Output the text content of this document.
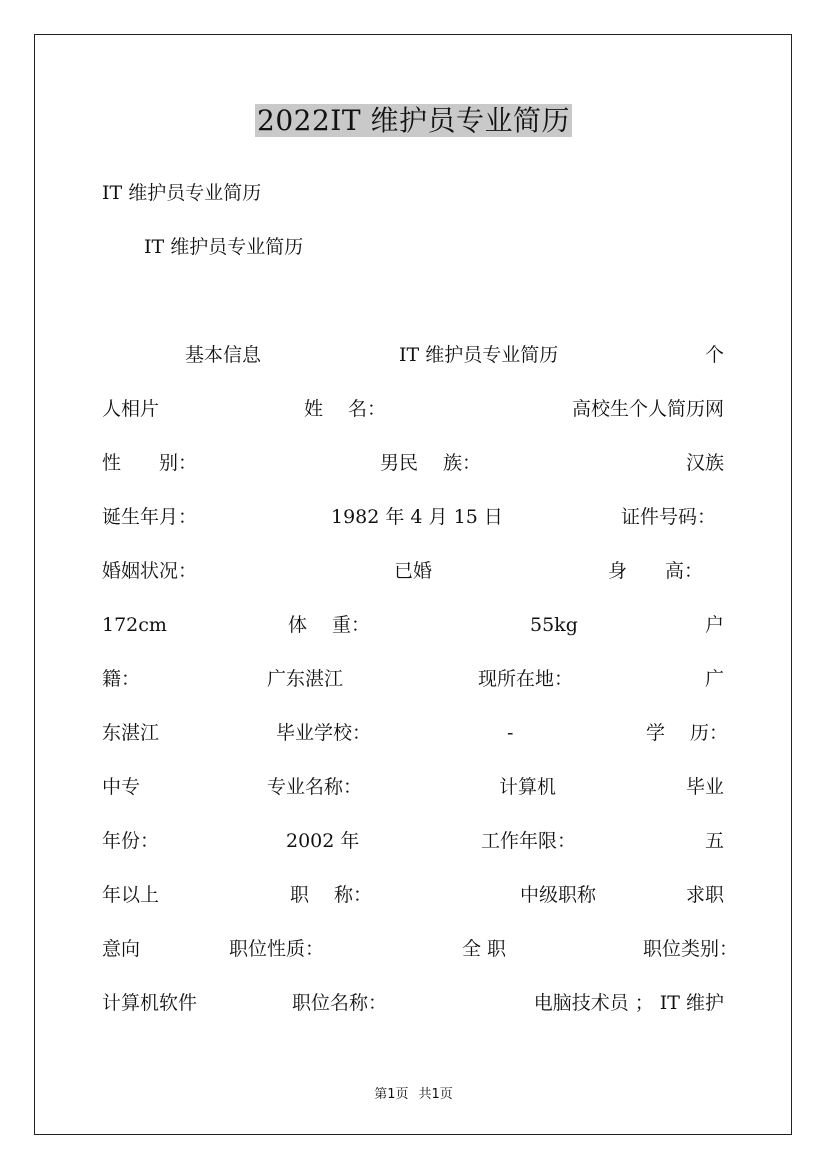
2022IT 维护员专业简历
IT 维护员专业简历
IT 维护员专业简历
基本信息	IT 维护员专业简历	个
人相片	姓　 名：	高校生个人简历网
性　　别：	男民　 族：	汉族
诞生年月：	1982 年 4 月 15 日	证件号码：
婚姻状况：	已婚	身　　高：
172cm	体　 重：	55kg	户
籍：	广东湛江	现所在地：	广
东湛江	毕业学校：	-	学　 历：
中专	专业名称：	计算机	毕业
年份：	2002 年	工作年限：	五
年以上	职　 称：	中级职称	求职
意向	职位性质：	全 职	职位类别：
计算机软件	职位名称：	电脑技术员 ； IT 维护
第1页 共1页
